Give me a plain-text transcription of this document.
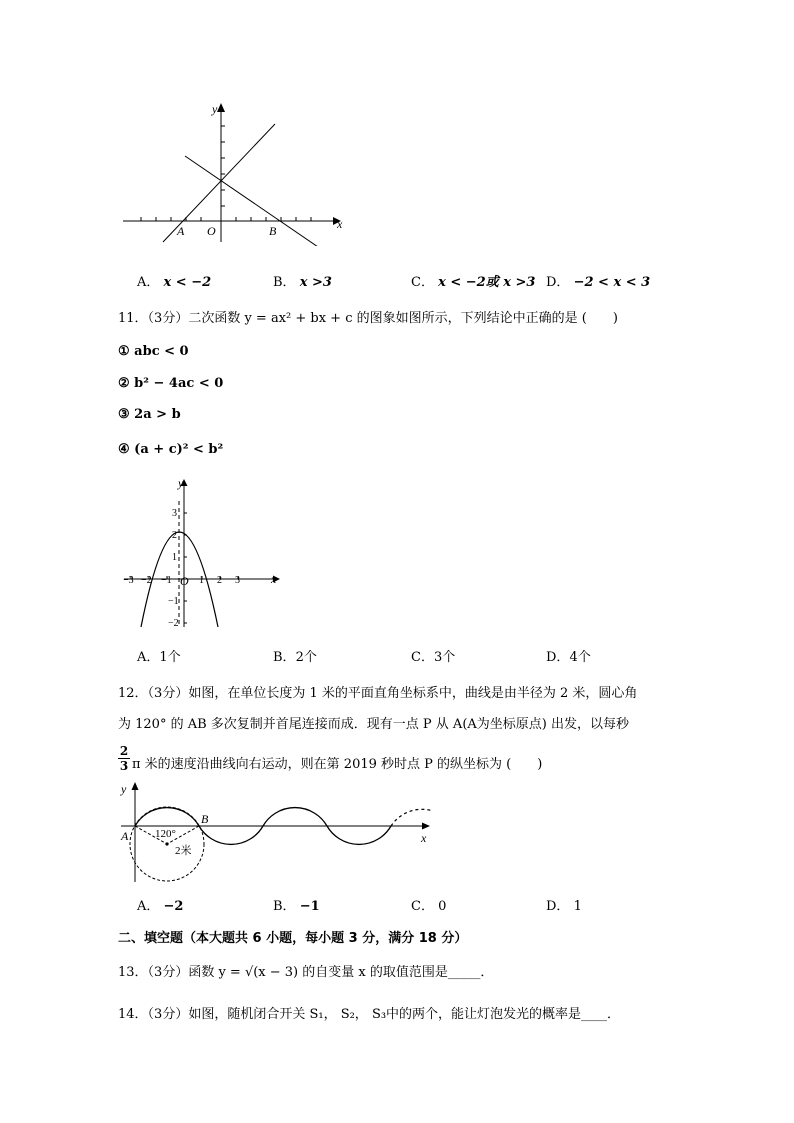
y
x
A O	B
A． x < −2	B． x >3	C． x < −2或 x >3 D． −2 < x < 3
11．（3分）二次函数 y = ax² + bx + c 的图象如图所示，下列结论中正确的是 (　　)
① abc < 0
② b² − 4ac < 0
③ 2a > b
④ (a + c)² < b²
y
x
O
−3 −2 −1	1 2 3
3
2
1
−1
−2
A．1个	B．2个	C．3个	D．4个
12．（3分）如图，在单位长度为 1 米的平面直角坐标系中，曲线是由半径为 2 米，圆心角
为 120° 的 AB 多次复制并首尾连接而成．现有一点 P 从 A(A为坐标原点) 出发，以每秒
$\frac{2}{3}$ π 米的速度沿曲线向右运动，则在第 2019 秒时点 P 的纵坐标为 (　　)
y
x
A
B
120°
2米
A． −2	B． −1	C． 0	D． 1
二、填空题（本大题共 6 小题，每小题 3 分，满分 18 分）
13．（3分）函数 y = √(x − 3) 的自变量 x 的取值范围是_____．
14．（3分）如图，随机闭合开关 S₁， S₂， S₃中的两个，能让灯泡发光的概率是____．
